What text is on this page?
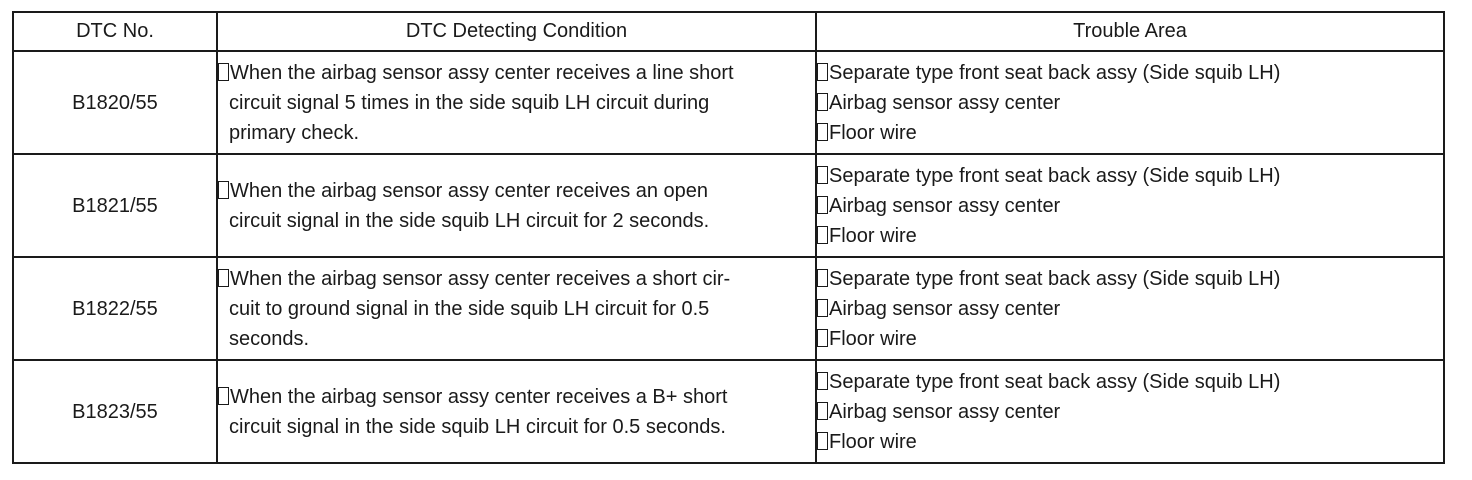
DTC No.	DTC Detecting Condition	Trouble Area
B1820/55	When the airbag sensor assy center receives a line short
circuit signal 5 times in the side squib LH circuit during
primary check.	Separate type front seat back assy (Side squib LH)
Airbag sensor assy center
Floor wire

B1821/55	When the airbag sensor assy center receives an open
circuit signal in the side squib LH circuit for 2 seconds.	Separate type front seat back assy (Side squib LH)
Airbag sensor assy center
Floor wire

B1822/55	When the airbag sensor assy center receives a short cir-
cuit to ground signal in the side squib LH circuit for 0.5
seconds.	Separate type front seat back assy (Side squib LH)
Airbag sensor assy center
Floor wire

B1823/55	When the airbag sensor assy center receives a B+ short
circuit signal in the side squib LH circuit for 0.5 seconds.	Separate type front seat back assy (Side squib LH)
Airbag sensor assy center
Floor wire
